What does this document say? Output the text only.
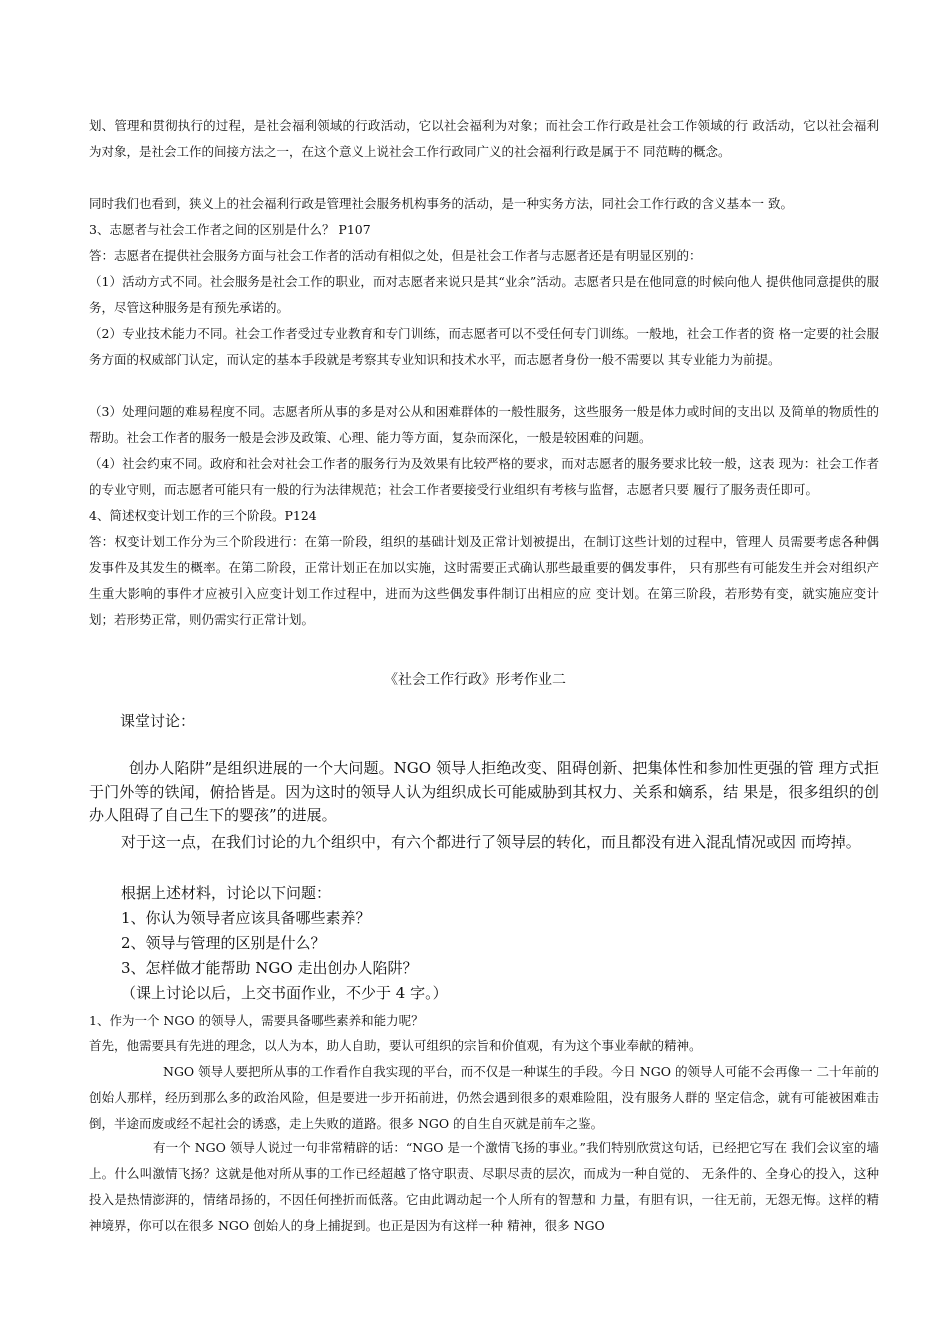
划、管理和贯彻执行的过程，是社会福利领域的行政活动，它以社会福利为对象；而社会工作行政是社会工作领域的行 政活动，它以社会福利为对象，是社会工作的间接方法之一，在这个意义上说社会工作行政同广义的社会福利行政是属于不 同范畴的概念。

同时我们也看到，狭义上的社会福利行政是管理社会服务机构事务的活动，是一种实务方法，同社会工作行政的含义基本一 致。

3、志愿者与社会工作者之间的区别是什么？ P107

答：志愿者在提供社会服务方面与社会工作者的活动有相似之处，但是社会工作者与志愿者还是有明显区别的：

（1）活动方式不同。社会服务是社会工作的职业，而对志愿者来说只是其“业余”活动。志愿者只是在他同意的时候向他人 提供他同意提供的服务，尽管这种服务是有预先承诺的。

（2）专业技术能力不同。社会工作者受过专业教育和专门训练，而志愿者可以不受任何专门训练。一般地，社会工作者的资 格一定要的社会服务方面的权威部门认定，而认定的基本手段就是考察其专业知识和技术水平，而志愿者身份一般不需要以 其专业能力为前提。

（3）处理问题的难易程度不同。志愿者所从事的多是对公从和困难群体的一般性服务，这些服务一般是体力或时间的支出以 及简单的物质性的帮助。社会工作者的服务一般是会涉及政策、心理、能力等方面，复杂而深化，一般是较困难的问题。

（4）社会约束不同。政府和社会对社会工作者的服务行为及效果有比较严格的要求，而对志愿者的服务要求比较一般，这表 现为：社会工作者的专业守则，而志愿者可能只有一般的行为法律规范；社会工作者要接受行业组织有考核与监督，志愿者只要 履行了服务责任即可。

4、简述权变计划工作的三个阶段。P124

答：权变计划工作分为三个阶段进行：在第一阶段，组织的基础计划及正常计划被提出，在制订这些计划的过程中，管理人 员需要考虑各种偶发事件及其发生的概率。在第二阶段，正常计划正在加以实施，这时需要正式确认那些最重要的偶发事件， 只有那些有可能发生并会对组织产生重大影响的事件才应被引入应变计划工作过程中，进而为这些偶发事件制订出相应的应 变计划。在第三阶段，若形势有变，就实施应变计划；若形势正常，则仍需实行正常计划。

《社会工作行政》形考作业二

课堂讨论：

创办人陷阱”是组织进展的一个大问题。NGO 领导人拒绝改变、阻碍创新、把集体性和参加性更强的管 理方式拒于门外等的铁闻，俯拾皆是。因为这时的领导人认为组织成长可能威胁到其权力、关系和嫡系，结 果是，很多组织的创办人阻碍了自己生下的婴孩”的进展。

对于这一点，在我们讨论的九个组织中，有六个都进行了领导层的转化，而且都没有进入混乱情况或因 而垮掉。

根据上述材料，讨论以下问题：

1、你认为领导者应该具备哪些素养？

2、领导与管理的区别是什么？

3、怎样做才能帮助 NGO 走出创办人陷阱？

（课上讨论以后，上交书面作业，不少于 4 字。）

1、作为一个 NGO 的领导人，需要具备哪些素养和能力呢？

首先，他需要具有先进的理念，以人为本，助人自助，要认可组织的宗旨和价值观，有为这个事业奉献的精神。

NGO 领导人要把所从事的工作看作自我实现的平台，而不仅是一种谋生的手段。今日 NGO 的领导人可能不会再像一 二十年前的创始人那样，经历到那么多的政治风险，但是要进一步开拓前进，仍然会遇到很多的艰难险阻，没有服务人群的 坚定信念，就有可能被困难击倒，半途而废或经不起社会的诱惑，走上失败的道路。很多 NGO 的自生自灭就是前车之鉴。

有一个 NGO 领导人说过一句非常精辟的话：“NGO 是一个激情飞扬的事业。”我们特别欣赏这句话，已经把它写在 我们会议室的墙上。什么叫激情飞扬？这就是他对所从事的工作已经超越了恪守职责、尽职尽责的层次，而成为一种自觉的、 无条件的、全身心的投入，这种投入是热情澎湃的，情绪昂扬的，不因任何挫折而低落。它由此调动起一个人所有的智慧和 力量，有胆有识，一往无前，无怨无悔。这样的精神境界，你可以在很多 NGO 创始人的身上捕捉到。也正是因为有这样一种 精神，很多 NGO
